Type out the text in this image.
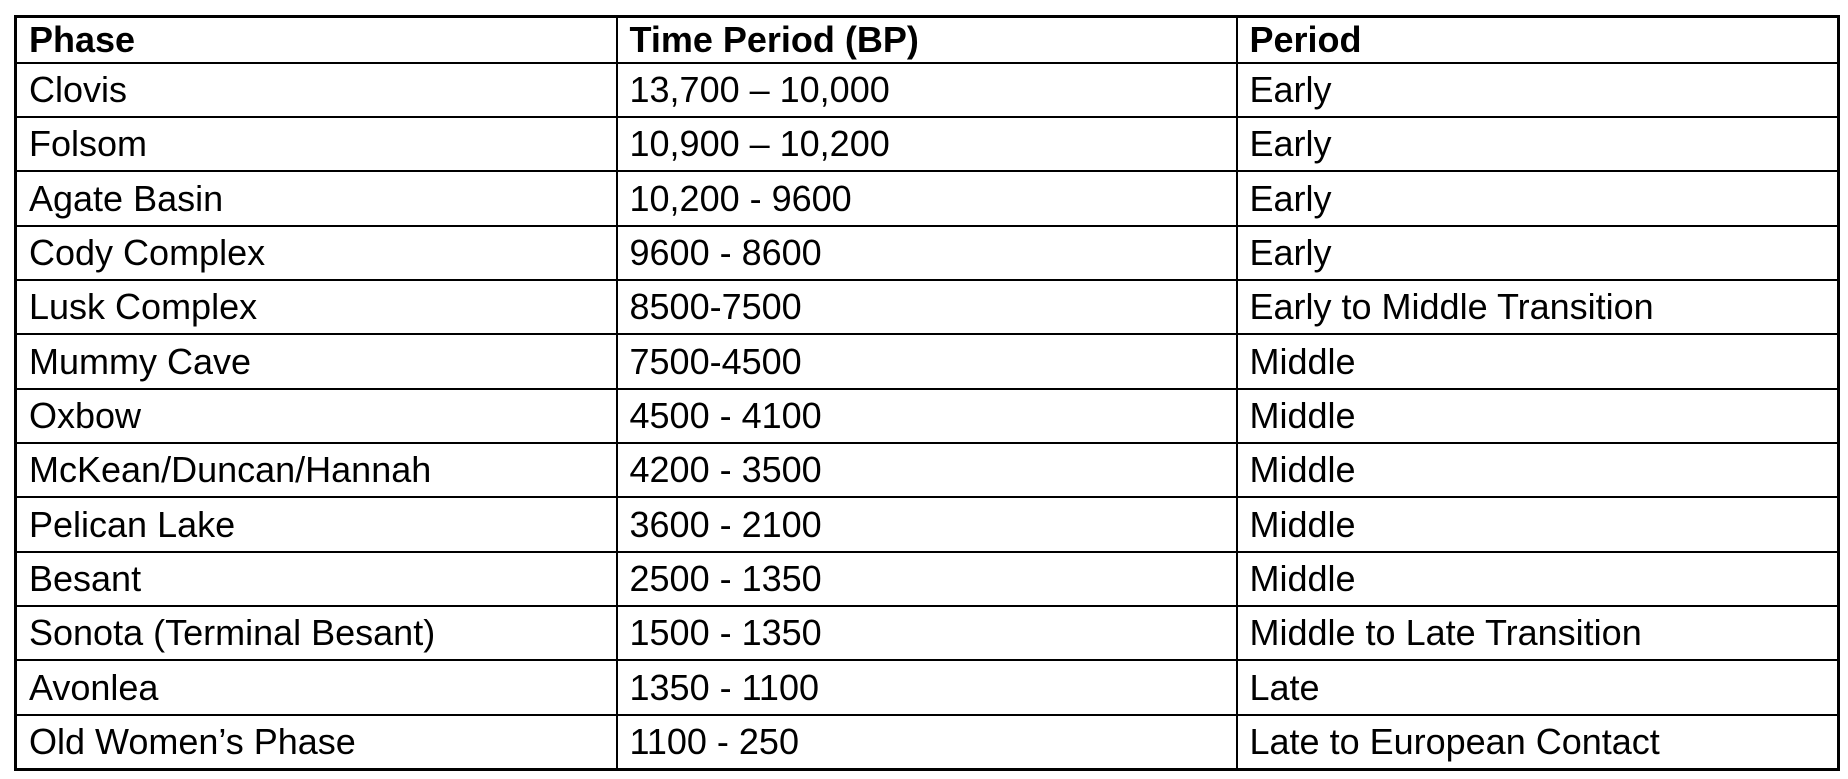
Phase	Time Period (BP)	Period
Clovis	13,700 – 10,000	Early
Folsom	10,900 – 10,200	Early
Agate Basin	10,200 - 9600	Early
Cody Complex	9600 - 8600	Early
Lusk Complex	8500-7500	Early to Middle Transition
Mummy Cave	7500-4500	Middle
Oxbow	4500 - 4100	Middle
McKean/Duncan/Hannah	4200 - 3500	Middle
Pelican Lake	3600 - 2100	Middle
Besant	2500 - 1350	Middle
Sonota (Terminal Besant)	1500 - 1350	Middle to Late Transition
Avonlea	1350 - 1100	Late
Old Women’s Phase	1100 - 250	Late to European Contact
